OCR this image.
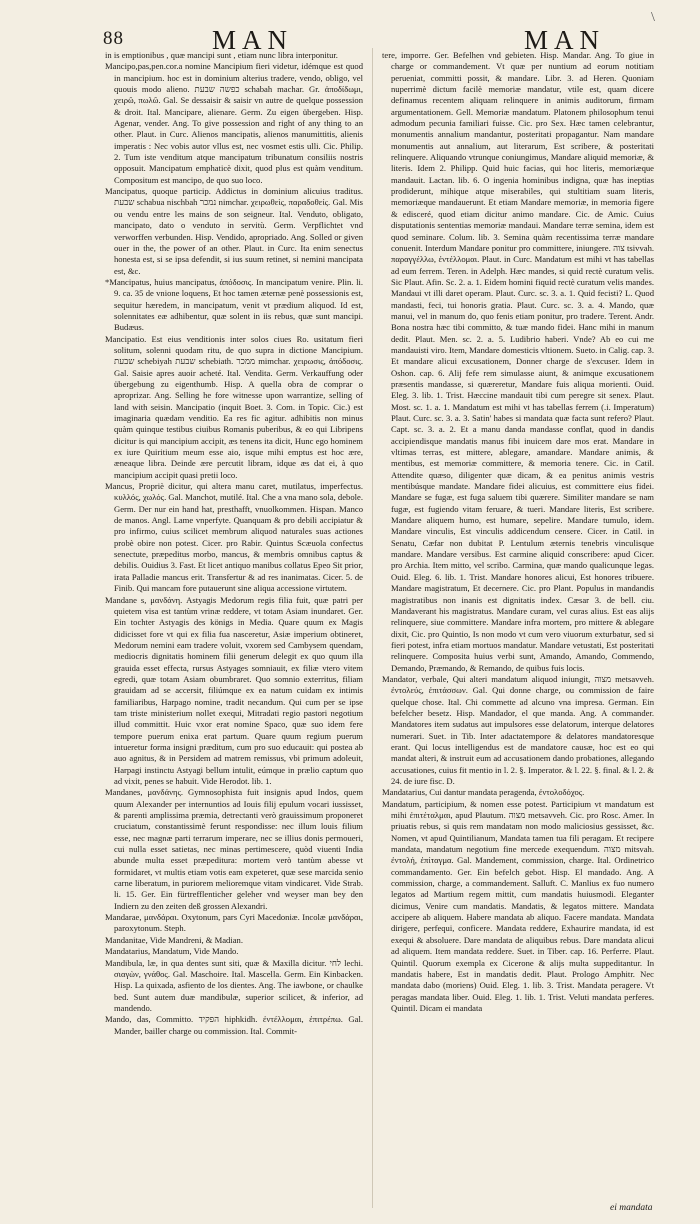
88	MAN	MAN
\

in is emptionibus , quæ mancipi sunt , etiam nunc libra interponitur.

Mancipo,pas,pen.cor.a nomine Mancipium fieri videtur, idémque est quod in mancipium. hoc est in dominium alterius tradere, vendo, obligo, vel quouis modo alieno. כפשה שבעת schabah machar. Gr. ἀποδίδωμι, χειρῶ, πωλῶ. Gal. Se dessaisir & saisir vn autre de quelque possession & droit. Ital. Mancipare, alienare. Germ. Zu eigen übergeben. Hisp. Agenar, vender. Ang. To give possession and right of any thing to an other. Plaut. in Curc. Alienos mancipatis, alienos manumittitis, alienis imperatis : Nec vobis autor vllus est, nec vosmet estis ulli. Cic. Philip. 2. Tum iste venditum atque mancipatum tribunatum consiliis nostris opposuit. Mancipatum emphaticè dixit, quod plus est quàm venditum. Compositum est mancipo, de quo suo loco.

Mancipatus, quoque particip. Addictus in dominium alicuius traditus. שבעת schabua nischbah נמכר nimchar. χειρωθεὶς, παραδοθείς. Gal. Mis ou vendu entre les mains de son seigneur. Ital. Venduto, obligato, mancipato, dato o venduto in servitù. Germ. Verpflichtet vnd verworffen verbunden. Hisp. Vendido, apropriado. Ang. Solled or given ouer in the, the power of an other. Plaut. in Curc. Ita enim senectus honesta est, si se ipsa defendit, si ius suum retinet, si nemini mancipata est, &c.

*Mancipatus, huius mancipatus, ἀπόδοσις. In mancipatum venire. Plin. li. 9. ca. 35 de vnione loquens, Et hoc tamen æternæ penè possessionis est, sequitur hæredem, in mancipatum, venit vt prædium aliquod. Id est, solennitates eæ adhibentur, quæ solent in iis rebus, quæ sunt mancipi. Budæus.

Mancipatio. Est eius venditionis inter solos ciues Ro. usitatum fieri solitum, solenni quodam ritu, de quo supra in dictione Mancipium. שבעת schebiyah שבעת schebiath. ממכר mimchar. χειρωσις, ἀπόδοσις. Gal. Saisie apres auoir acheté. Ital. Vendita. Germ. Verkauffung oder übergebung zu eigenthumb. Hisp. A quella obra de comprar o aproprizar. Ang. Selling he fore witnesse upon warrantize, selling of land with seisin. Mancipatio (inquit Boet. 3. Com. in Topic. Cic.) est imaginaria quædam venditio. Ea res fic agitur. adhibitis non minus quàm quinque testibus ciuibus Romanis puberibus, & eo qui Libripens dicitur is qui mancipium accipit, æs tenens ita dicit, Hunc ego hominem ex iure Quiritium meum esse aio, isque mihi emptus est hoc ære, æneaque libra. Deinde ære percutit libram, idque æs dat ei, à quo mancipium accipit quasi pretii loco.

Mancus, Propriè dicitur, qui altera manu caret, mutilatus, imperfectus. κυλλός, χωλός. Gal. Manchot, mutilé. Ital. Che a vna mano sola, debole. Germ. Der nur ein hand hat, presthafft, vnuolkommen. Hispan. Manco de manos. Angl. Lame vnperfyte. Quanquam & pro debili accipiatur & pro infirmo, cuius scilicet membrum aliquod naturales suas actiones probè obire non potest. Cicer. pro Rabir. Quintus Scæuola confectus senectute, præpeditus morbo, mancus, & membris omnibus captus & debilis. Ouidius 3. Fast. Et licet antiquo manibus collatus Epeo Sit prior, irata Palladie mancus erit. Transfertur & ad res inanimatas. Cicer. 5. de Finib. Qui mancam fore putauerunt sine aliqua accessione virtutem.

Mandane s, μανδάνη. Astyagis Medorum regis filia fuit, quæ patri per quietem visa est tantùm vrinæ reddere, vt totam Asiam inundaret. Ger. Ein tochter Astyagis des königs in Media. Quare quum ex Magis didicisset fore vt qui ex filia fua nasceretur, Asiæ imperium obtineret, Medorum nemini eam tradere voluit, vxorem sed Cambysem quendam, mediocris dignitatis hominem filii generum delegit ex quo quum illa grauida esset effecta, rursus Astyages somniauit, ex filiæ vtero vitem egredi, quæ totam Asiam obumbraret. Quo somnio exterritus, filiam grauidam ad se accersit, filiúmque ex ea natum cuidam ex intimis familiaribus, Harpago nomine, tradit necandum. Qui cum per se ipse tam triste ministerium nollet exequi, Mitradati regio pastori negotium illud committit. Huic vxor erat nomine Spaco, quæ suo idem fere tempore puerum enixa erat partum. Quare quum regium puerum intueretur forma insigni præditum, cum pro suo educauit: qui postea ab auo agnitus, & in Persidem ad matrem remissus, vbi primum adoleuit, Harpagi instinctu Astyagi bellum intulit, eúmque in prælio captum quo ad vixit, penes se habuit. Vide Herodot. lib. 1.

Mandanes, μανδάνης. Gymnosophista fuit insignis apud Indos, quem quum Alexander per internuntios ad Iouis filij epulum vocari iussisset, & parenti amplissima præmia, detrectanti verò grauissimum proponeret cruciatum, constantissimè ferunt respondisse: nec illum louis filium esse, nec magnæ parti terrarum imperare, nec se illius donis permoueri, cui nulla esset satietas, nec minas pertimescere, quòd viuenti India abunde multa esset præpeditura: mortem verò tantùm abesse vt formidaret, vt multis etiam votis eam expeteret, quæ sese marcida senio carne liberatum, in puriorem melioremque vitam vindicaret. Vide Strab. li. 15. Ger. Ein fürtrefflenticher geleher vnd weyser man bey den Indiern zu den zeiten deß grossen Alexandri.

Mandarae, μανδάραι. Oxytonum, pars Cyri Macedoniæ. Incolæ μανδάραι, paroxytonum. Steph.

Mandanitae, Vide Mandreni, & Madian.

Mandatarius, Mandatum, Vide Mando.

Mandibula, læ, in qua dentes sunt siti, quæ & Maxilla dicitur. לחי lechi. σιαγὼν, γνάθος. Gal. Maschoire. Ital. Mascella. Germ. Ein Kinbacken. Hisp. La quixada, asfiento de los dientes. Ang. The iawbone, or chaulke bed. Sunt autem duæ mandibulæ, superior scilicet, & inferior, ad mandendo.

Mando, das, Committo. הפקיד hiphkidh. ἐντέλλομαι, ἐπιτρέπω. Gal. Mander, bailler charge ou commission. Ital. Commit-

tere, imporre. Ger. Befelhen vnd gebieten. Hisp. Mandar. Ang. To giue in charge or commandement. Vt quæ per nuntium ad eorum notitiam perueniat, committi possit, & mandare. Libr. 3. ad Heren. Quoniam nuperrimè dictum facilè memoriæ mandatur, vtile est, quam dicere definamus recentem aliquam relinquere in animis auditorum, firmam argumentationem. Gell. Memoriæ mandatum. Platonem philosophum tenui admodum pecunia familiari fuisse. Cic. pro Sex. Hæc tamen celebrantur, monumentis annalium mandantur, posteritati propagantur. Nam mandare monumentis aut annalium, aut literarum, Est scribere, & posteritati relinquere. Aliquando vtrunque coniungimus, Mandare aliquid memoriæ, & literis. Idem 2. Philipp. Quid huic facias, qui hoc literis, memoriæque mandauit. Lactan. lib. 6. O ingenia hominibus indigna, quæ has ineptias prodiderunt, mihique atque miserabiles, qui stultitiam suam literis, memoriæque mandauerunt. Et etiam Mandare memoriæ, in memoria figere & edisceré, quod etiam dicitur animo mandare. Cic. de Amic. Cuius disputationis sententias memoriæ mandaui. Mandare terræ semina, idem est quod seminare. Colum. lib. 3. Semina quàm recentissima terræ mandare conuenit. Interdum Mandare ponitur pro committere, iniungere. צוה tsivvah. παραγγέλλω, ἐντέλλομαι. Plaut. in Curc. Mandatum est mihi vt has tabellas ad eum ferrem. Teren. in Adelph. Hæc mandes, si quid rectè curatum velis. Sic Plaut. Afin. Sc. 2. a. 1. Eidem homini fiquid rectè curatum velis mandes. Mandaui vt illi daret operam. Plaut. Curc. sc. 3. a. 1. Quid fecisti? L. Quod mandasti, feci, tui honoris gratia. Plaut. Curc. sc. 3. a. 4. Mando, quæ manui, vel in manum do, quo fenis etiam ponitur, pro tradere. Terent. Andr. Bona nostra hæc tibi committo, & tuæ mando fidei. Hanc mihi in manum dedit. Plaut. Men. sc. 2. a. 5. Ludibrio haberi. Vnde? Ab eo cui me mandauisti viro. Item, Mandare domesticis vltionem. Sueto. in Calig. cap. 3. Et mandare alicui excusationem, Donner charge de s'excuser. Idem in Oshon. cap. 6. Alij fefe rem simulasse aiunt, & animque excusationem præsentis mandasse, si quæreretur, Mandare fuis aliqua morienti. Ouid. Eleg. 3. lib. 1. Trist. Hæccine mandauit tibi cum peregre sit senex. Plaut. Most. sc. 1. a. 1. Mandatum est mihi vt has tabellas ferrem (.i. Imperatum) Plaut. Curc. sc. 3. a. 3. Satin' habes si mandata quæ facta sunt refero? Plaut. Capt. sc. 3. a. 2. Et a manu danda mandasse conflat, quod in dandis accipiendisque mandatis manus fibi inuicem dare mos erat. Mandare in vltimas terras, est mittere, ablegare, amandare. Mandare animis, & mentibus, est memoriæ committere, & memoria tenere. Cic. in Catil. Attendite quæso, diligenter quæ dicam, & ea penitus animis vestris mentibúsque mandate. Mandare fidei alicuius, est committere eius fidei. Mandare se fugæ, est fuga saluem tibi quærere. Similiter mandare se nam fugæ, est fugiendo vitam feruare, & tueri. Mandare literis, Est scribere. Mandare aliquem humo, est humare, sepelire. Mandare tumulo, idem. Mandare vinculis, Est vinculis addicendum censere. Cicer. in Catil. in Senatu, Cæfar non dubitat P. Lentulum æternis tenebris vinculisque mandare. Mandare versibus. Est carmine aliquid conscribere: apud Cicer. pro Archia. Item mitto, vel scribo. Carmina, quæ mando qualicunque legas. Ouid. Eleg. 6. lib. 1. Trist. Mandare honores alicui, Est honores tribuere. Mandare magistratum, Et decernere. Cic. pro Plant. Populus in mandandis magistratibus non inanis est dignitatis index. Cæsar 3. de bell. ciu. Mandaverant his magistratus. Mandare curam, vel curas alius. Est eas alijs relinquere, siue committere. Mandare infra mortem, pro mittere & ablegare dixit, Cic. pro Quintio, Is non modo vt cum vero viuorum exturbatur, sed si fieri potest, infra etiam mortuos mandatur. Mandare vetustati, Est posteritati relinquere. Composita huius verbi sunt, Amando, Amando, Commendo, Demando, Præmando, & Remando, de quibus fuis locis.

Mandator, verbale, Qui alteri mandatum aliquod iniungit, מצוה metsavveh. ἐντολεύς, ἐπιτάσσων. Gal. Qui donne charge, ou commission de faire quelque chose. Ital. Chi commette ad alcuno vna impresa. German. Ein befelcher besetz. Hisp. Mandador, el que manda. Ang. A commander. Mandatores item sudatus aut impulsores esse delatorum, interque delatores numerari. Suet. in Tib. Inter adactatempore & delatores mandatoresque erant. Qui locus intelligendus est de mandatore causæ, hoc est eo qui mandat alteri, & instruit eum ad accusationem dando probationes, allegando accusationes, cuius fit mentio in l. 2. §. Imperator. & l. 22. §. final. & l. 2. & 24. de iure fisc. D.

Mandatarius, Cui dantur mandata peragenda, ἐντολοδόχος.

Mandatum, participium, & nomen esse potest. Participium vt mandatum est mihi ἐπιτέταλμαι, apud Plautum. מצוה metsavveh. Cic. pro Rosc. Amer. In priuatis rebus, si quis rem mandatam non modo maliciosius gessisset, &c. Nomen, vt apud Quintilianum, Mandata tamen tua fili peragam. Et recipere mandata, mandatum negotium fine mercede exequendum. מצוה mitsvah. ἐντολή, ἐπίταγμα. Gal. Mandement, commission, charge. Ital. Ordinetrico commandamento. Ger. Ein befelch gebot. Hisp. El mandado. Ang. A commission, charge, a commandement. Salluft. C. Manlius ex fuo numero legatos ad Martium regem mittit, cum mandatis huiusmodi. Eleganter dicimus, Venire cum mandatis. Mandatis, & legatos mittere. Mandata accipere ab aliquem. Habere mandata ab aliquo. Facere mandata. Mandata dirigere, perfequi, conficere. Mandata reddere, Exhaurire mandata, id est exequi & absoluere. Dare mandata de aliquibus rebus. Dare mandata alicui ad aliquem. Item mandata reddere. Suet. in Tiber. cap. 16. Perferre. Plaut. Quintil. Quorum exempla ex Cicerone & alijs multa suppeditantur. In mandatis habere, Est in mandatis dedit. Plaut. Prologo Amphitr. Nec mandata dabo (moriens) Ouid. Eleg. 1. lib. 3. Trist. Mandata peragere. Vt peragas mandata liber. Ouid. Eleg. 1. lib. 1. Trist. Veluti mandata perferes. Quintil. Dicam ei mandata

ei mandata
